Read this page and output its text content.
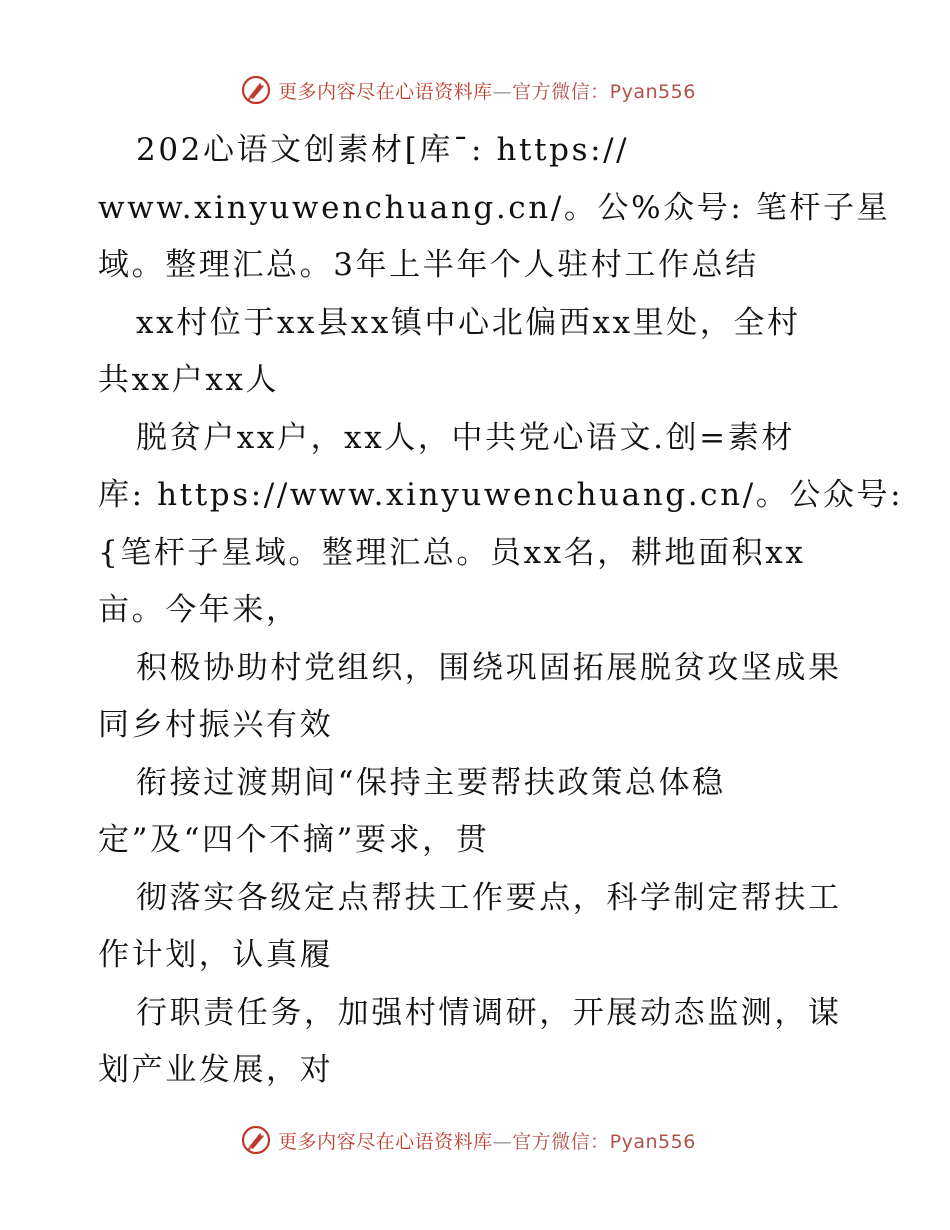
更多内容尽在心语资料库—官方微信：Pyan556
202心语文创素材[库¯: https://
www.xinyuwenchuang.cn/。公%众号: 笔杆子星
域。整理汇总。3年上半年个人驻村工作总结
xx村位于xx县xx镇中心北偏西xx里处，全村
共xx户xx人
脱贫户xx户，xx人，中共党心语文.创=素材
库: https://www.xinyuwenchuang.cn/。公众号:
{笔杆子星域。整理汇总。员xx名，耕地面积xx
亩。今年来，
积极协助村党组织，围绕巩固拓展脱贫攻坚成果
同乡村振兴有效
衔接过渡期间“保持主要帮扶政策总体稳
定”及“四个不摘”要求，贯
彻落实各级定点帮扶工作要点，科学制定帮扶工
作计划，认真履
行职责任务，加强村情调研，开展动态监测，谋
划产业发展，对
更多内容尽在心语资料库—官方微信：Pyan556
